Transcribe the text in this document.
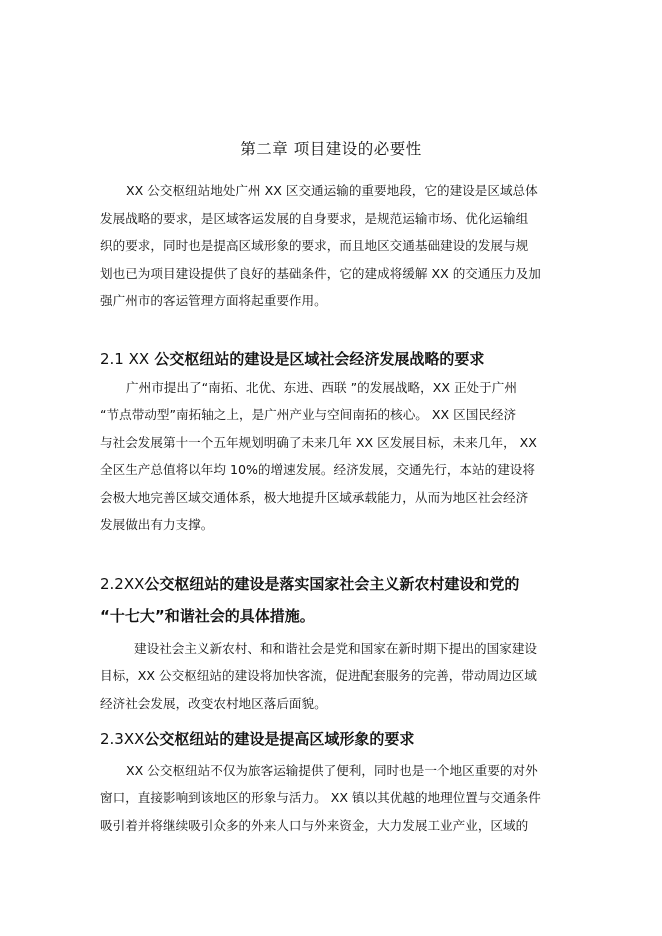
第二章 项目建设的必要性
XX 公交枢纽站地处广州 XX 区交通运输的重要地段，它的建设是区域总体
发展战略的要求，是区域客运发展的自身要求，是规范运输市场、优化运输组
织的要求，同时也是提高区域形象的要求，而且地区交通基础建设的发展与规
划也已为项目建设提供了良好的基础条件，它的建成将缓解 XX 的交通压力及加
强广州市的客运管理方面将起重要作用。
2.1 XX 公交枢纽站的建设是区域社会经济发展战略的要求
广州市提出了“南拓、北优、东进、西联 ”的发展战略，XX 正处于广州
“节点带动型”南拓轴之上，是广州产业与空间南拓的核心。 XX 区国民经济
与社会发展第十一个五年规划明确了未来几年 XX 区发展目标，未来几年， XX
全区生产总值将以年均 10%的增速发展。经济发展，交通先行，本站的建设将
会极大地完善区域交通体系，极大地提升区域承载能力，从而为地区社会经济
发展做出有力支撑。
2.2XX公交枢纽站的建设是落实国家社会主义新农村建设和党的
“十七大”和谐社会的具体措施。
建设社会主义新农村、和和谐社会是党和国家在新时期下提出的国家建设
目标，XX 公交枢纽站的建设将加快客流，促进配套服务的完善，带动周边区域
经济社会发展，改变农村地区落后面貌。
2.3XX公交枢纽站的建设是提高区域形象的要求
XX 公交枢纽站不仅为旅客运输提供了便利，同时也是一个地区重要的对外
窗口，直接影响到该地区的形象与活力。 XX 镇以其优越的地理位置与交通条件
吸引着并将继续吸引众多的外来人口与外来资金，大力发展工业产业，区域的
